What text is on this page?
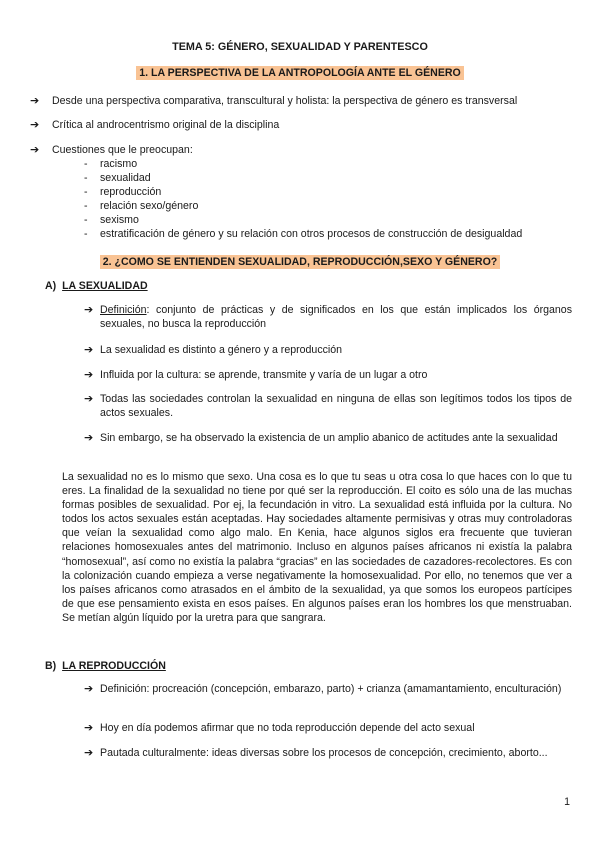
TEMA 5: GÉNERO, SEXUALIDAD Y PARENTESCO
1. LA PERSPECTIVA DE LA ANTROPOLOGÍA ANTE EL GÉNERO
➔	Desde una perspectiva comparativa, transcultural y holista: la perspectiva de género es transversal
➔	Crítica al androcentrismo original de la disciplina
➔	Cuestiones que le preocupan:
-	racismo
-	sexualidad
-	reproducción
-	relación sexo/género
-	sexismo
-	estratificación de género y su relación con otros procesos de construcción de desigualdad
2. ¿COMO SE ENTIENDEN SEXUALIDAD, REPRODUCCIÓN,SEXO Y GÉNERO?
A) LA SEXUALIDAD
➔ Definición: conjunto de prácticas y de significados en los que están implicados los órganos sexuales, no busca la reproducción
➔ La sexualidad es distinto a género y a reproducción
➔ Influida por la cultura: se aprende, transmite y varía de un lugar a otro
➔ Todas las sociedades controlan la sexualidad en ninguna de ellas son legítimos todos los tipos de actos sexuales.
➔ Sin embargo, se ha observado la existencia de un amplio abanico de actitudes ante la sexualidad
La sexualidad no es lo mismo que sexo. Una cosa es lo que tu seas u otra cosa lo que haces con lo que tu eres. La finalidad de la sexualidad no tiene por qué ser la reproducción. El coito es sólo una de las muchas formas posibles de sexualidad. Por ej, la fecundación in vitro. La sexualidad está influida por la cultura. No todos los actos sexuales están aceptadas. Hay sociedades altamente permisivas y otras muy controladoras que veían la sexualidad como algo malo. En Kenia, hace algunos siglos era frecuente que tuvieran relaciones homosexuales antes del matrimonio. Incluso en algunos países africanos ni existía la palabra “homosexual”, así como no existía la palabra “gracias” en las sociedades de cazadores-recolectores. Es con la colonización cuando empieza a verse negativamente la homosexualidad. Por ello, no tenemos que ver a los países africanos como atrasados en el ámbito de la sexualidad, ya que somos los europeos partícipes de que ese pensamiento exista en esos países. En algunos países eran los hombres los que menstruaban. Se metían algún líquido por la uretra para que sangrara.
B) LA REPRODUCCIÓN
➔ Definición: procreación (concepción, embarazo, parto) + crianza (amamantamiento, enculturación)
➔ Hoy en día podemos afirmar que no toda reproducción depende del acto sexual
➔ Pautada culturalmente: ideas diversas sobre los procesos de concepción, crecimiento, aborto...
1
